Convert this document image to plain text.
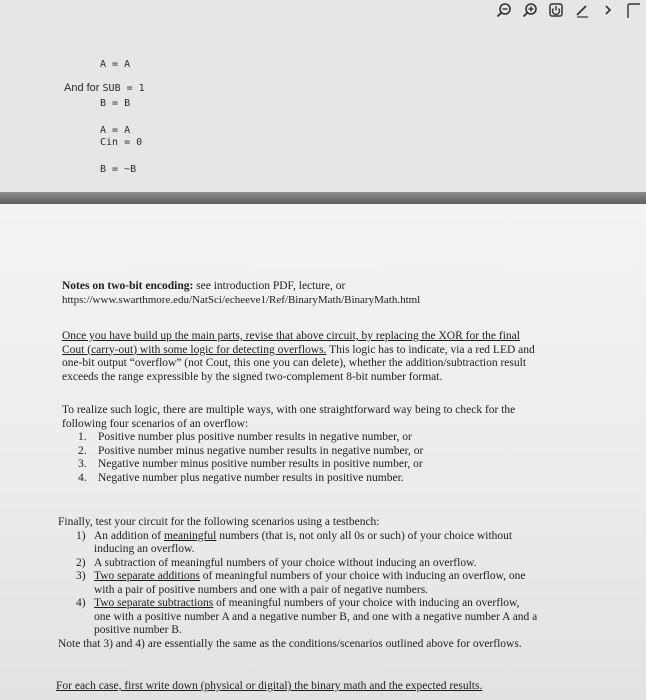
A = A

B = B

Cin = 0

And for SUB = 1

A = A

B = ~B

Notes on two-bit encoding: see introduction PDF, lecture, or
https://www.swarthmore.edu/NatSci/echeeve1/Ref/BinaryMath/BinaryMath.html
Once you have build up the main parts, revise that above circuit, by replacing the XOR for the final
Cout (carry-out) with some logic for detecting overflows. This logic has to indicate, via a red LED and
one-bit output “overflow” (not Cout, this one you can delete), whether the addition/subtraction result
exceeds the range expressible by the signed two-complement 8-bit number format.
To realize such logic, there are multiple ways, with one straightforward way being to check for the
following four scenarios of an overflow:
1. Positive number plus positive number results in negative number, or
2. Positive number minus negative number results in negative number, or
3. Negative number minus positive number results in positive number, or
4. Negative number plus negative number results in positive number.
Finally, test your circuit for the following scenarios using a testbench:
1) An addition of meaningful numbers (that is, not only all 0s or such) of your choice without
inducing an overflow.
2) A subtraction of meaningful numbers of your choice without inducing an overflow.
3) Two separate additions of meaningful numbers of your choice with inducing an overflow, one
with a pair of positive numbers and one with a pair of negative numbers.
4) Two separate subtractions of meaningful numbers of your choice with inducing an overflow,
one with a positive number A and a negative number B, and one with a negative number A and a
positive number B.
Note that 3) and 4) are essentially the same as the conditions/scenarios outlined above for overflows.
For each case, first write down (physical or digital) the binary math and the expected results.
